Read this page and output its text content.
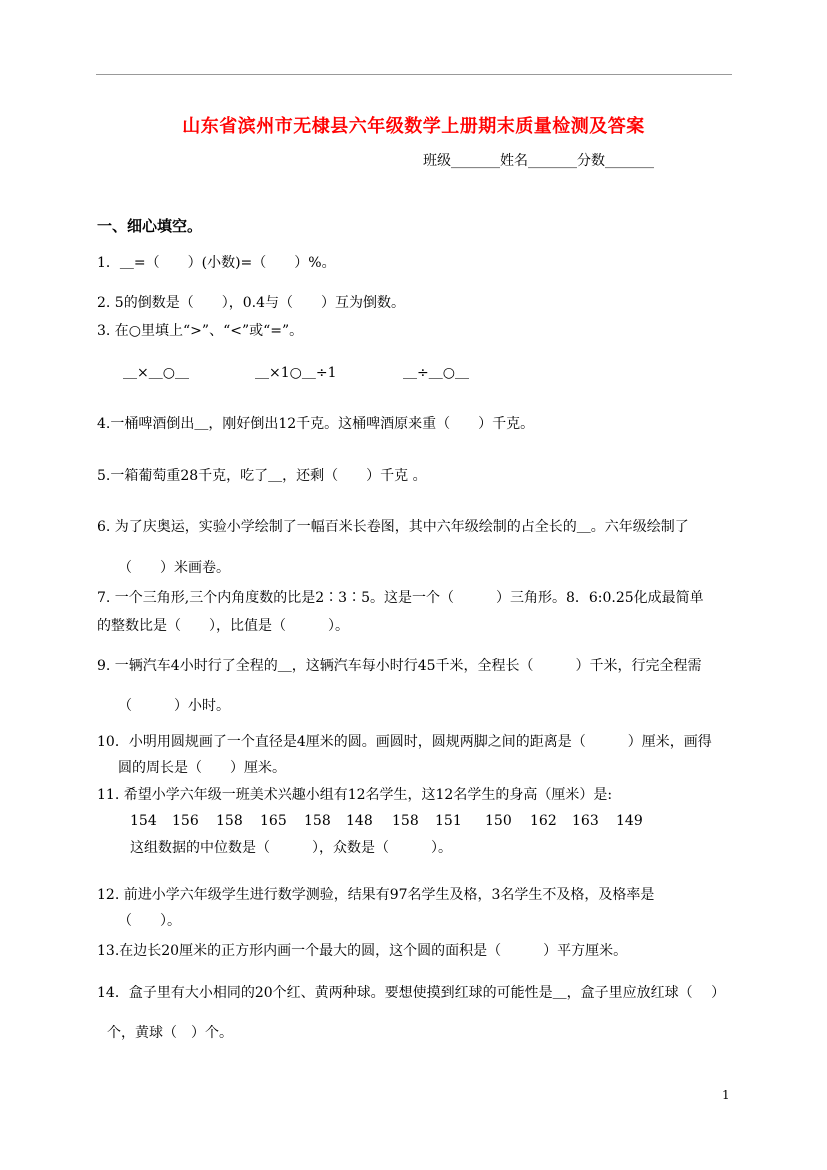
山东省滨州市无棣县六年级数学上册期末质量检测及答案
班级_______姓名_______分数_______
一、细心填空。
1．＿=（　　）(小数)=（　　）%。
2. 5的倒数是（　　），0.4与（　　）互为倒数。
3. 在○里填上“>”、“<”或“=”。
＿×＿○＿	＿×1○＿÷1	＿÷＿○＿
4.一桶啤酒倒出＿，刚好倒出12千克。这桶啤酒原来重（　　）千克。
5.一箱葡萄重28千克，吃了＿，还剩（　　）千克 。
6. 为了庆奥运，实验小学绘制了一幅百米长卷图，其中六年级绘制的占全长的＿。六年级绘制了
（　　）米画卷。
7. 一个三角形,三个内角度数的比是2∶3∶5。这是一个（　　　）三角形。8．6:0.25化成最简单
的整数比是（　　），比值是（　　　）。
9. 一辆汽车4小时行了全程的＿，这辆汽车每小时行45千米，全程长（　　　）千米，行完全程需
（　　　）小时。
10．小明用圆规画了一个直径是4厘米的圆。画圆时，圆规两脚之间的距离是（　　　）厘米，画得
圆的周长是（　　）厘米。
11. 希望小学六年级一班美术兴趣小组有12名学生，这12名学生的身高（厘米）是:
154	156	158	165	158	148	158	151	150	162	163	149
这组数据的中位数是（　　　），众数是（　　　）。
12. 前进小学六年级学生进行数学测验，结果有97名学生及格，3名学生不及格，及格率是
（　　）。
13.在边长20厘米的正方形内画一个最大的圆，这个圆的面积是（　　　）平方厘米。
14．盒子里有大小相同的20个红、黄两种球。要想使摸到红球的可能性是＿，盒子里应放红球（　 ）
个，黄球（　）个。
1
